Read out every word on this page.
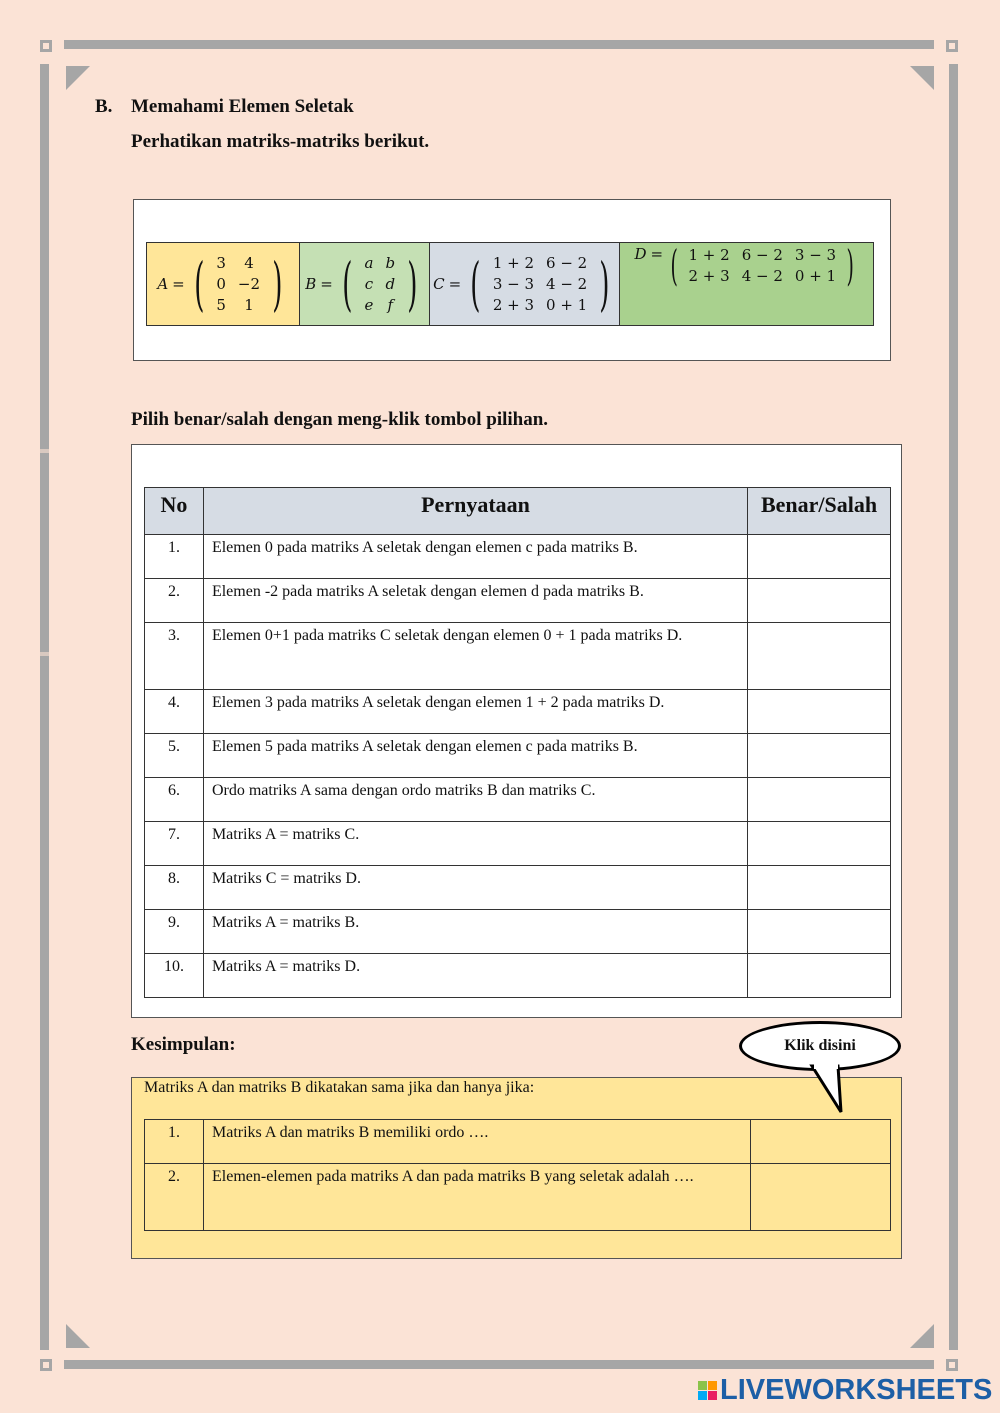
B. Memahami Elemen Seletak
Perhatikan matriks-matriks berikut.
A = ( 3	4
0	−2
5	1 ) B = ( a	b
c	d
e	f ) C = ( 1 + 2	6 − 2
3 − 3	4 − 2
2 + 3	0 + 1 ) D = ( 1 + 2	6 − 2	3 − 3
2 + 3	4 − 2	0 + 1 )
Pilih benar/salah dengan meng-klik tombol pilihan.
No	Pernyataan	Benar/Salah
1.	Elemen 0 pada matriks A seletak dengan elemen c pada matriks B.	
2.	Elemen -2 pada matriks A seletak dengan elemen d pada matriks B.	
3.	Elemen 0+1 pada matriks C seletak dengan elemen 0 + 1 pada matriks D.	
4.	Elemen 3 pada matriks A seletak dengan elemen 1 + 2 pada matriks D.	
5.	Elemen 5 pada matriks A seletak dengan elemen c pada matriks B.	
6.	Ordo matriks A sama dengan ordo matriks B dan matriks C.	
7.	Matriks A = matriks C.	
8.	Matriks C = matriks D.	
9.	Matriks A = matriks B.	
10.	Matriks A = matriks D.	
Kesimpulan:
Matriks A dan matriks B dikatakan sama jika dan hanya jika:
1.	Matriks A dan matriks B memiliki ordo ….	
2.	Elemen-elemen pada matriks A dan pada matriks B yang seletak adalah ….	
Klik disini
LIVEWORKSHEETS
